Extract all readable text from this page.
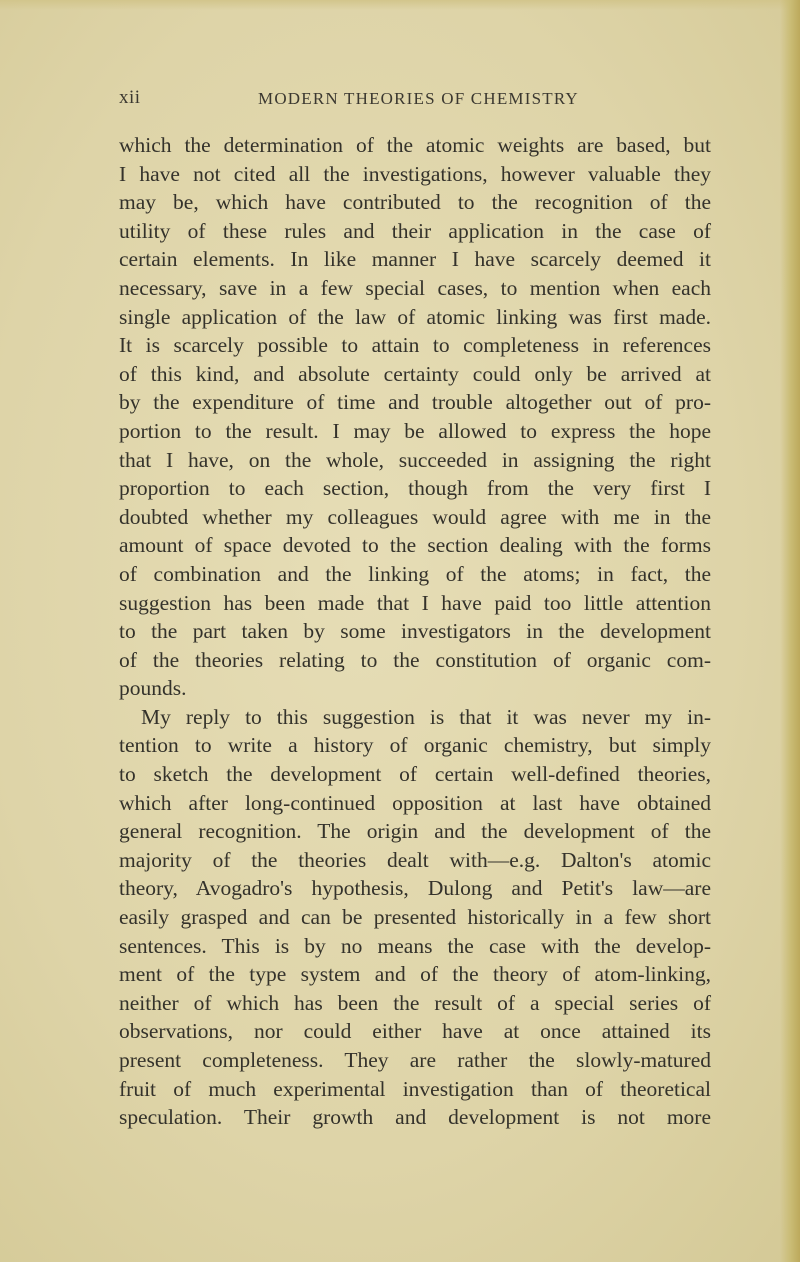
xii	MODERN THEORIES OF CHEMISTRY
which the determination of the atomic weights are based, but
I have not cited all the investigations, however valuable they
may be, which have contributed to the recognition of the
utility of these rules and their application in the case of
certain elements. In like manner I have scarcely deemed it
necessary, save in a few special cases, to mention when each
single application of the law of atomic linking was first made.
It is scarcely possible to attain to completeness in references
of this kind, and absolute certainty could only be arrived at
by the expenditure of time and trouble altogether out of pro-
portion to the result. I may be allowed to express the hope
that I have, on the whole, succeeded in assigning the right
proportion to each section, though from the very first I
doubted whether my colleagues would agree with me in the
amount of space devoted to the section dealing with the forms
of combination and the linking of the atoms; in fact, the
suggestion has been made that I have paid too little attention
to the part taken by some investigators in the development
of the theories relating to the constitution of organic com-
pounds.
My reply to this suggestion is that it was never my in-
tention to write a history of organic chemistry, but simply
to sketch the development of certain well-defined theories,
which after long-continued opposition at last have obtained
general recognition. The origin and the development of the
majority of the theories dealt with—e.g. Dalton's atomic
theory, Avogadro's hypothesis, Dulong and Petit's law—are
easily grasped and can be presented historically in a few short
sentences. This is by no means the case with the develop-
ment of the type system and of the theory of atom-linking,
neither of which has been the result of a special series of
observations, nor could either have at once attained its
present completeness. They are rather the slowly-matured
fruit of much experimental investigation than of theoretical
speculation. Their growth and development is not more
